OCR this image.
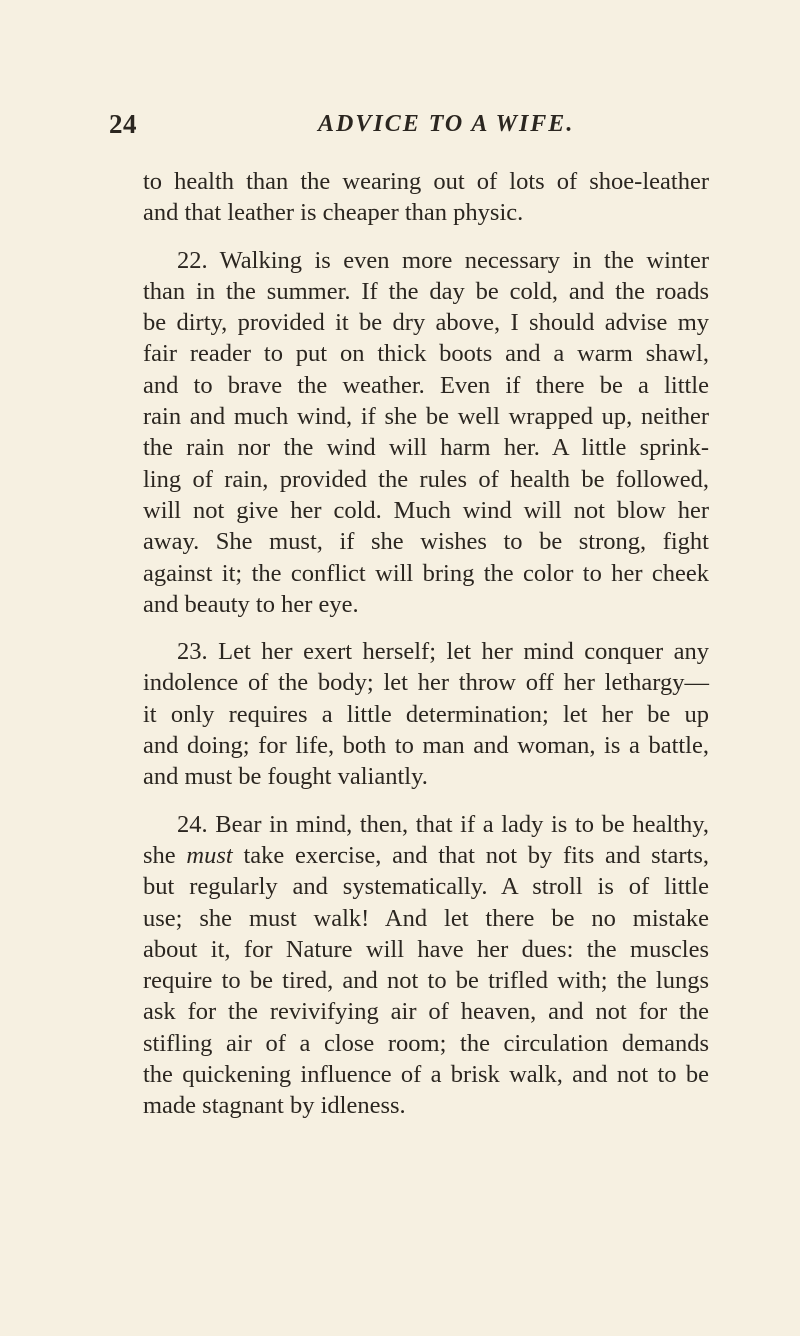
24	ADVICE TO A WIFE.
to health than the wearing out of lots of shoe-leather
and that leather is cheaper than physic.
22. Walking is even more necessary in the winter
than in the summer. If the day be cold, and the roads
be dirty, provided it be dry above, I should advise my
fair reader to put on thick boots and a warm shawl,
and to brave the weather. Even if there be a little
rain and much wind, if she be well wrapped up, neither
the rain nor the wind will harm her. A little sprink-
ling of rain, provided the rules of health be followed,
will not give her cold. Much wind will not blow her
away. She must, if she wishes to be strong, fight
against it; the conflict will bring the color to her cheek
and beauty to her eye.
23. Let her exert herself; let her mind conquer any
indolence of the body; let her throw off her lethargy—
it only requires a little determination; let her be up
and doing; for life, both to man and woman, is a battle,
and must be fought valiantly.
24. Bear in mind, then, that if a lady is to be healthy,
she must take exercise, and that not by fits and starts,
but regularly and systematically. A stroll is of little
use; she must walk! And let there be no mistake
about it, for Nature will have her dues: the muscles
require to be tired, and not to be trifled with; the lungs
ask for the revivifying air of heaven, and not for the
stifling air of a close room; the circulation demands
the quickening influence of a brisk walk, and not to be
made stagnant by idleness.
